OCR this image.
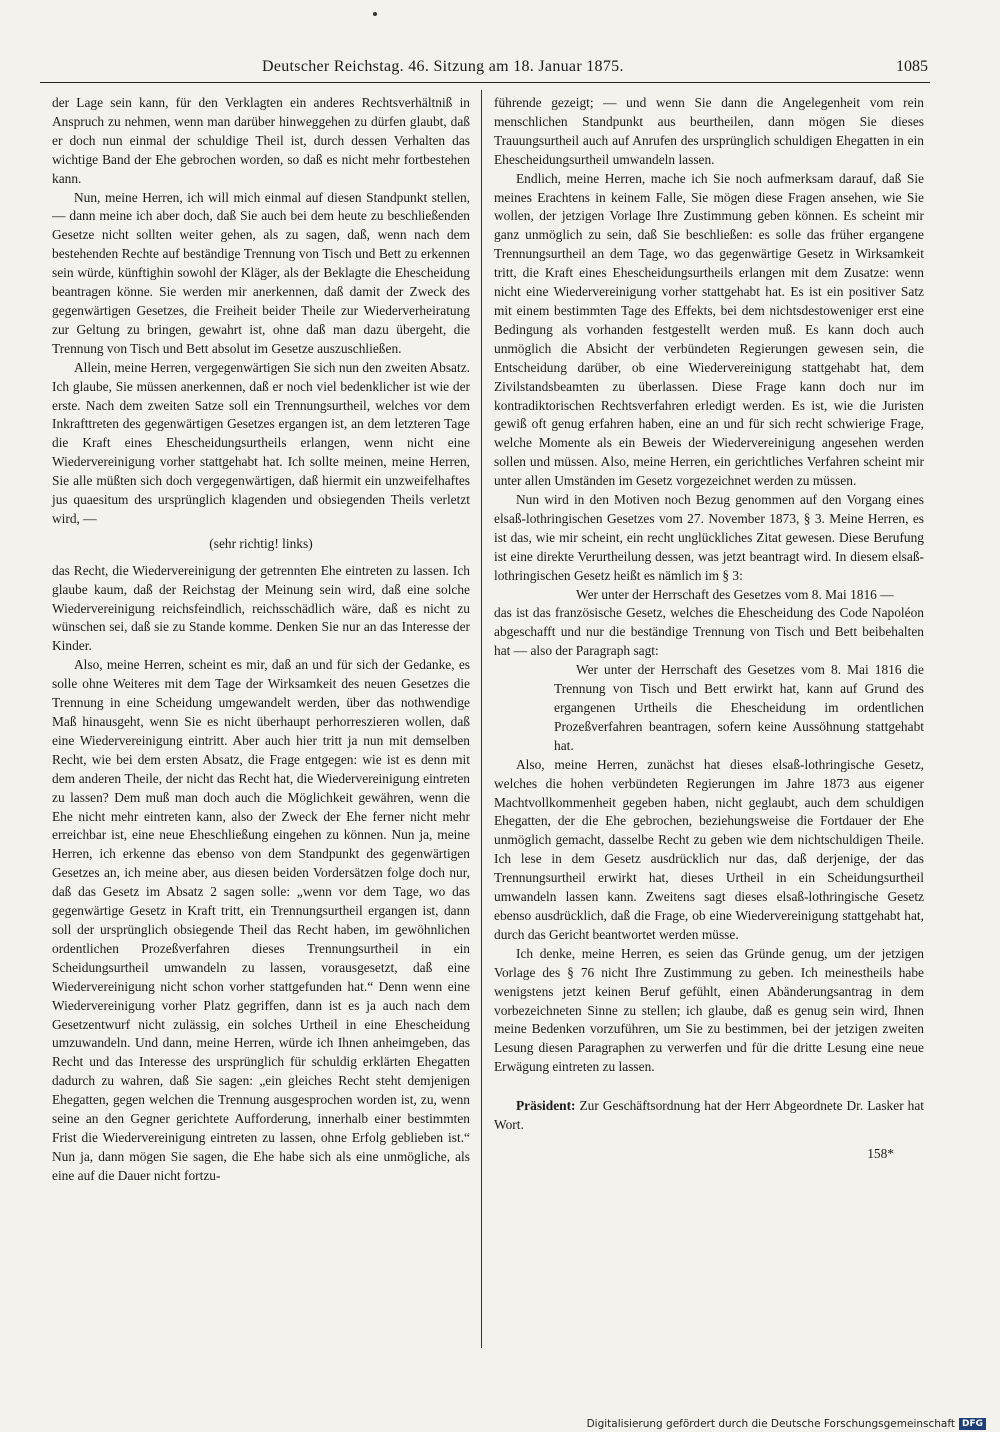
Deutscher Reichstag. 46. Sitzung am 18. Januar 1875.	1085

der Lage sein kann, für den Verklagten ein anderes Rechtsverhältniß in Anspruch zu nehmen, wenn man darüber hinweggehen zu dürfen glaubt, daß er doch nun einmal der schuldige Theil ist, durch dessen Verhalten das wichtige Band der Ehe gebrochen worden, so daß es nicht mehr fortbestehen kann.

Nun, meine Herren, ich will mich einmal auf diesen Standpunkt stellen, — dann meine ich aber doch, daß Sie auch bei dem heute zu beschließenden Gesetze nicht sollten weiter gehen, als zu sagen, daß, wenn nach dem bestehenden Rechte auf beständige Trennung von Tisch und Bett zu erkennen sein würde, künftighin sowohl der Kläger, als der Beklagte die Ehescheidung beantragen könne. Sie werden mir anerkennen, daß damit der Zweck des gegenwärtigen Gesetzes, die Freiheit beider Theile zur Wiederverheiratung zur Geltung zu bringen, gewahrt ist, ohne daß man dazu übergeht, die Trennung von Tisch und Bett absolut im Gesetze auszuschließen.

Allein, meine Herren, vergegenwärtigen Sie sich nun den zweiten Absatz. Ich glaube, Sie müssen anerkennen, daß er noch viel bedenklicher ist wie der erste. Nach dem zweiten Satze soll ein Trennungsurtheil, welches vor dem Inkrafttreten des gegenwärtigen Gesetzes ergangen ist, an dem letzteren Tage die Kraft eines Ehescheidungsurtheils erlangen, wenn nicht eine Wiedervereinigung vorher stattgehabt hat. Ich sollte meinen, meine Herren, Sie alle müßten sich doch vergegenwärtigen, daß hiermit ein unzweifelhaftes jus quaesitum des ursprünglich klagenden und obsiegenden Theils verletzt wird, —

(sehr richtig! links)

das Recht, die Wiedervereinigung der getrennten Ehe eintreten zu lassen. Ich glaube kaum, daß der Reichstag der Meinung sein wird, daß eine solche Wiedervereinigung reichsfeindlich, reichsschädlich wäre, daß es nicht zu wünschen sei, daß sie zu Stande komme. Denken Sie nur an das Interesse der Kinder.

Also, meine Herren, scheint es mir, daß an und für sich der Gedanke, es solle ohne Weiteres mit dem Tage der Wirksamkeit des neuen Gesetzes die Trennung in eine Scheidung umgewandelt werden, über das nothwendige Maß hinausgeht, wenn Sie es nicht überhaupt perhorreszieren wollen, daß eine Wiedervereinigung eintritt. Aber auch hier tritt ja nun mit demselben Recht, wie bei dem ersten Absatz, die Frage entgegen: wie ist es denn mit dem anderen Theile, der nicht das Recht hat, die Wiedervereinigung eintreten zu lassen? Dem muß man doch auch die Möglichkeit gewähren, wenn die Ehe nicht mehr eintreten kann, also der Zweck der Ehe ferner nicht mehr erreichbar ist, eine neue Eheschließung eingehen zu können. Nun ja, meine Herren, ich erkenne das ebenso von dem Standpunkt des gegenwärtigen Gesetzes an, ich meine aber, aus diesen beiden Vordersätzen folge doch nur, daß das Gesetz im Absatz 2 sagen solle: „wenn vor dem Tage, wo das gegenwärtige Gesetz in Kraft tritt, ein Trennungsurtheil ergangen ist, dann soll der ursprünglich obsiegende Theil das Recht haben, im gewöhnlichen ordentlichen Prozeßverfahren dieses Trennungsurtheil in ein Scheidungsurtheil umwandeln zu lassen, vorausgesetzt, daß eine Wiedervereinigung nicht schon vorher stattgefunden hat.“ Denn wenn eine Wiedervereinigung vorher Platz gegriffen, dann ist es ja auch nach dem Gesetzentwurf nicht zulässig, ein solches Urtheil in eine Ehescheidung umzuwandeln. Und dann, meine Herren, würde ich Ihnen anheimgeben, das Recht und das Interesse des ursprünglich für schuldig erklärten Ehegatten dadurch zu wahren, daß Sie sagen: „ein gleiches Recht steht demjenigen Ehegatten, gegen welchen die Trennung ausgesprochen worden ist, zu, wenn seine an den Gegner gerichtete Aufforderung, innerhalb einer bestimmten Frist die Wiedervereinigung eintreten zu lassen, ohne Erfolg geblieben ist.“ Nun ja, dann mögen Sie sagen, die Ehe habe sich als eine unmögliche, als eine auf die Dauer nicht fortzu-

führende gezeigt; — und wenn Sie dann die Angelegenheit vom rein menschlichen Standpunkt aus beurtheilen, dann mögen Sie dieses Trauungsurtheil auch auf Anrufen des ursprünglich schuldigen Ehegatten in ein Ehescheidungsurtheil umwandeln lassen.

Endlich, meine Herren, mache ich Sie noch aufmerksam darauf, daß Sie meines Erachtens in keinem Falle, Sie mögen diese Fragen ansehen, wie Sie wollen, der jetzigen Vorlage Ihre Zustimmung geben können. Es scheint mir ganz unmöglich zu sein, daß Sie beschließen: es solle das früher ergangene Trennungsurtheil an dem Tage, wo das gegenwärtige Gesetz in Wirksamkeit tritt, die Kraft eines Ehescheidungsurtheils erlangen mit dem Zusatze: wenn nicht eine Wiedervereinigung vorher stattgehabt hat. Es ist ein positiver Satz mit einem bestimmten Tage des Effekts, bei dem nichtsdestoweniger erst eine Bedingung als vorhanden festgestellt werden muß. Es kann doch auch unmöglich die Absicht der verbündeten Regierungen gewesen sein, die Entscheidung darüber, ob eine Wiedervereinigung stattgehabt hat, dem Zivilstandsbeamten zu überlassen. Diese Frage kann doch nur im kontradiktorischen Rechtsverfahren erledigt werden. Es ist, wie die Juristen gewiß oft genug erfahren haben, eine an und für sich recht schwierige Frage, welche Momente als ein Beweis der Wiedervereinigung angesehen werden sollen und müssen. Also, meine Herren, ein gerichtliches Verfahren scheint mir unter allen Umständen im Gesetz vorgezeichnet werden zu müssen.

Nun wird in den Motiven noch Bezug genommen auf den Vorgang eines elsaß-lothringischen Gesetzes vom 27. November 1873, § 3. Meine Herren, es ist das, wie mir scheint, ein recht unglückliches Zitat gewesen. Diese Berufung ist eine direkte Verurtheilung dessen, was jetzt beantragt wird. In diesem elsaß-lothringischen Gesetz heißt es nämlich im § 3:

Wer unter der Herrschaft des Gesetzes vom 8. Mai 1816 —

das ist das französische Gesetz, welches die Ehescheidung des Code Napoléon abgeschafft und nur die beständige Trennung von Tisch und Bett beibehalten hat — also der Paragraph sagt:

Wer unter der Herrschaft des Gesetzes vom 8. Mai 1816 die Trennung von Tisch und Bett erwirkt hat, kann auf Grund des ergangenen Urtheils die Ehescheidung im ordentlichen Prozeßverfahren beantragen, sofern keine Aussöhnung stattgehabt hat.

Also, meine Herren, zunächst hat dieses elsaß-lothringische Gesetz, welches die hohen verbündeten Regierungen im Jahre 1873 aus eigener Machtvollkommenheit gegeben haben, nicht geglaubt, auch dem schuldigen Ehegatten, der die Ehe gebrochen, beziehungsweise die Fortdauer der Ehe unmöglich gemacht, dasselbe Recht zu geben wie dem nichtschuldigen Theile. Ich lese in dem Gesetz ausdrücklich nur das, daß derjenige, der das Trennungsurtheil erwirkt hat, dieses Urtheil in ein Scheidungsurtheil umwandeln lassen kann. Zweitens sagt dieses elsaß-lothringische Gesetz ebenso ausdrücklich, daß die Frage, ob eine Wiedervereinigung stattgehabt hat, durch das Gericht beantwortet werden müsse.

Ich denke, meine Herren, es seien das Gründe genug, um der jetzigen Vorlage des § 76 nicht Ihre Zustimmung zu geben. Ich meinestheils habe wenigstens jetzt keinen Beruf gefühlt, einen Abänderungsantrag in dem vorbezeichneten Sinne zu stellen; ich glaube, daß es genug sein wird, Ihnen meine Bedenken vorzuführen, um Sie zu bestimmen, bei der jetzigen zweiten Lesung diesen Paragraphen zu verwerfen und für die dritte Lesung eine neue Erwägung eintreten zu lassen.

Präsident: Zur Geschäftsordnung hat der Herr Abgeordnete Dr. Lasker hat Wort.

158*

Digitalisierung gefördert durch die Deutsche Forschungsgemeinschaft DFG
